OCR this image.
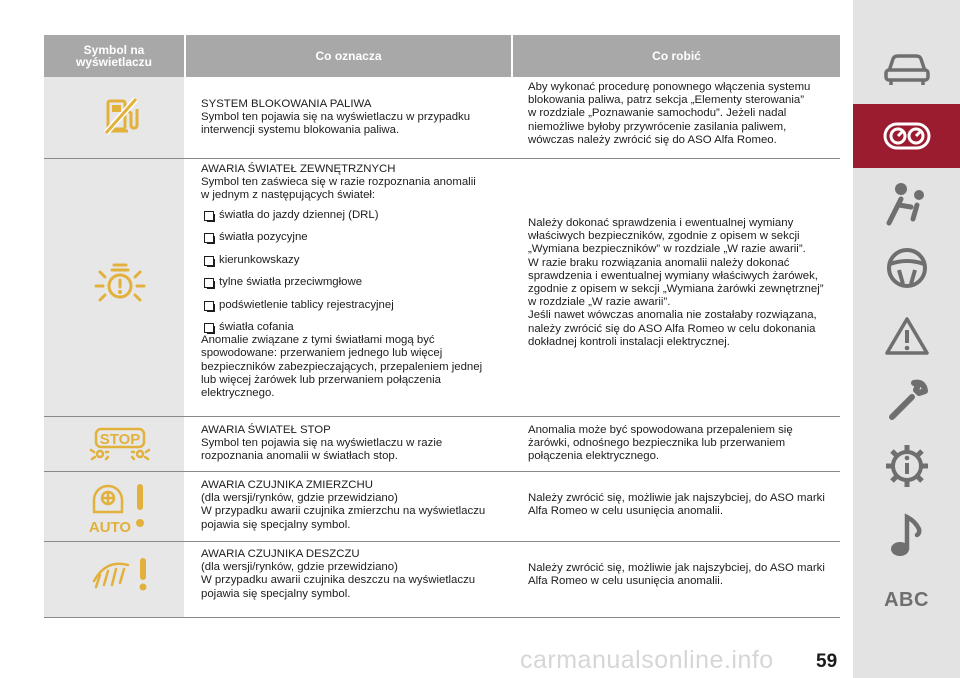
Symbol na
wyświetlaczu	Co oznacza	Co robić

SYSTEM BLOKOWANIA PALIWA

Symbol ten pojawia się na wyświetlaczu w przypadku

interwencji systemu blokowania paliwa.

Aby wykonać procedurę ponownego włączenia systemu

blokowania paliwa, patrz sekcja „Elementy sterowania”

w rozdziale „Poznawanie samochodu”. Jeżeli nadal

niemożliwe byłoby przywrócenie zasilania paliwem,

wówczas należy zwrócić się do ASO Alfa Romeo.

AWARIA ŚWIATEŁ ZEWNĘTRZNYCH

Symbol ten zaświeca się w razie rozpoznania anomalii

w jednym z następujących świateł:

światła do jazdy dziennej (DRL)
światła pozycyjne
kierunkowskazy
tylne światła przeciwmgłowe
podświetlenie tablicy rejestracyjnej
światła cofania

Anomalie związane z tymi światłami mogą być

spowodowane: przerwaniem jednego lub więcej

bezpieczników zabezpieczających, przepaleniem jednej

lub więcej żarówek lub przerwaniem połączenia

elektrycznego.

Należy dokonać sprawdzenia i ewentualnej wymiany

właściwych bezpieczników, zgodnie z opisem w sekcji

„Wymiana bezpieczników” w rozdziale „W razie awarii”.

W razie braku rozwiązania anomalii należy dokonać

sprawdzenia i ewentualnej wymiany właściwych żarówek,

zgodnie z opisem w sekcji „Wymiana żarówki zewnętrznej”

w rozdziale „W razie awarii”.

Jeśli nawet wówczas anomalia nie zostałaby rozwiązana,

należy zwrócić się do ASO Alfa Romeo w celu dokonania

dokładnej kontroli instalacji elektrycznej.

STOP

AWARIA ŚWIATEŁ STOP

Symbol ten pojawia się na wyświetlaczu w razie

rozpoznania anomalii w światłach stop.

Anomalia może być spowodowana przepaleniem się

żarówki, odnośnego bezpiecznika lub przerwaniem

połączenia elektrycznego.

AUTO

AWARIA CZUJNIKA ZMIERZCHU

(dla wersji/rynków, gdzie przewidziano)

W przypadku awarii czujnika zmierzchu na wyświetlaczu

pojawia się specjalny symbol.

Należy zwrócić się, możliwie jak najszybciej, do ASO marki

Alfa Romeo w celu usunięcia anomalii.

AWARIA CZUJNIKA DESZCZU

(dla wersji/rynków, gdzie przewidziano)

W przypadku awarii czujnika deszczu na wyświetlaczu

pojawia się specjalny symbol.

Należy zwrócić się, możliwie jak najszybciej, do ASO marki

Alfa Romeo w celu usunięcia anomalii.

carmanualsonline.info 59
ABC
